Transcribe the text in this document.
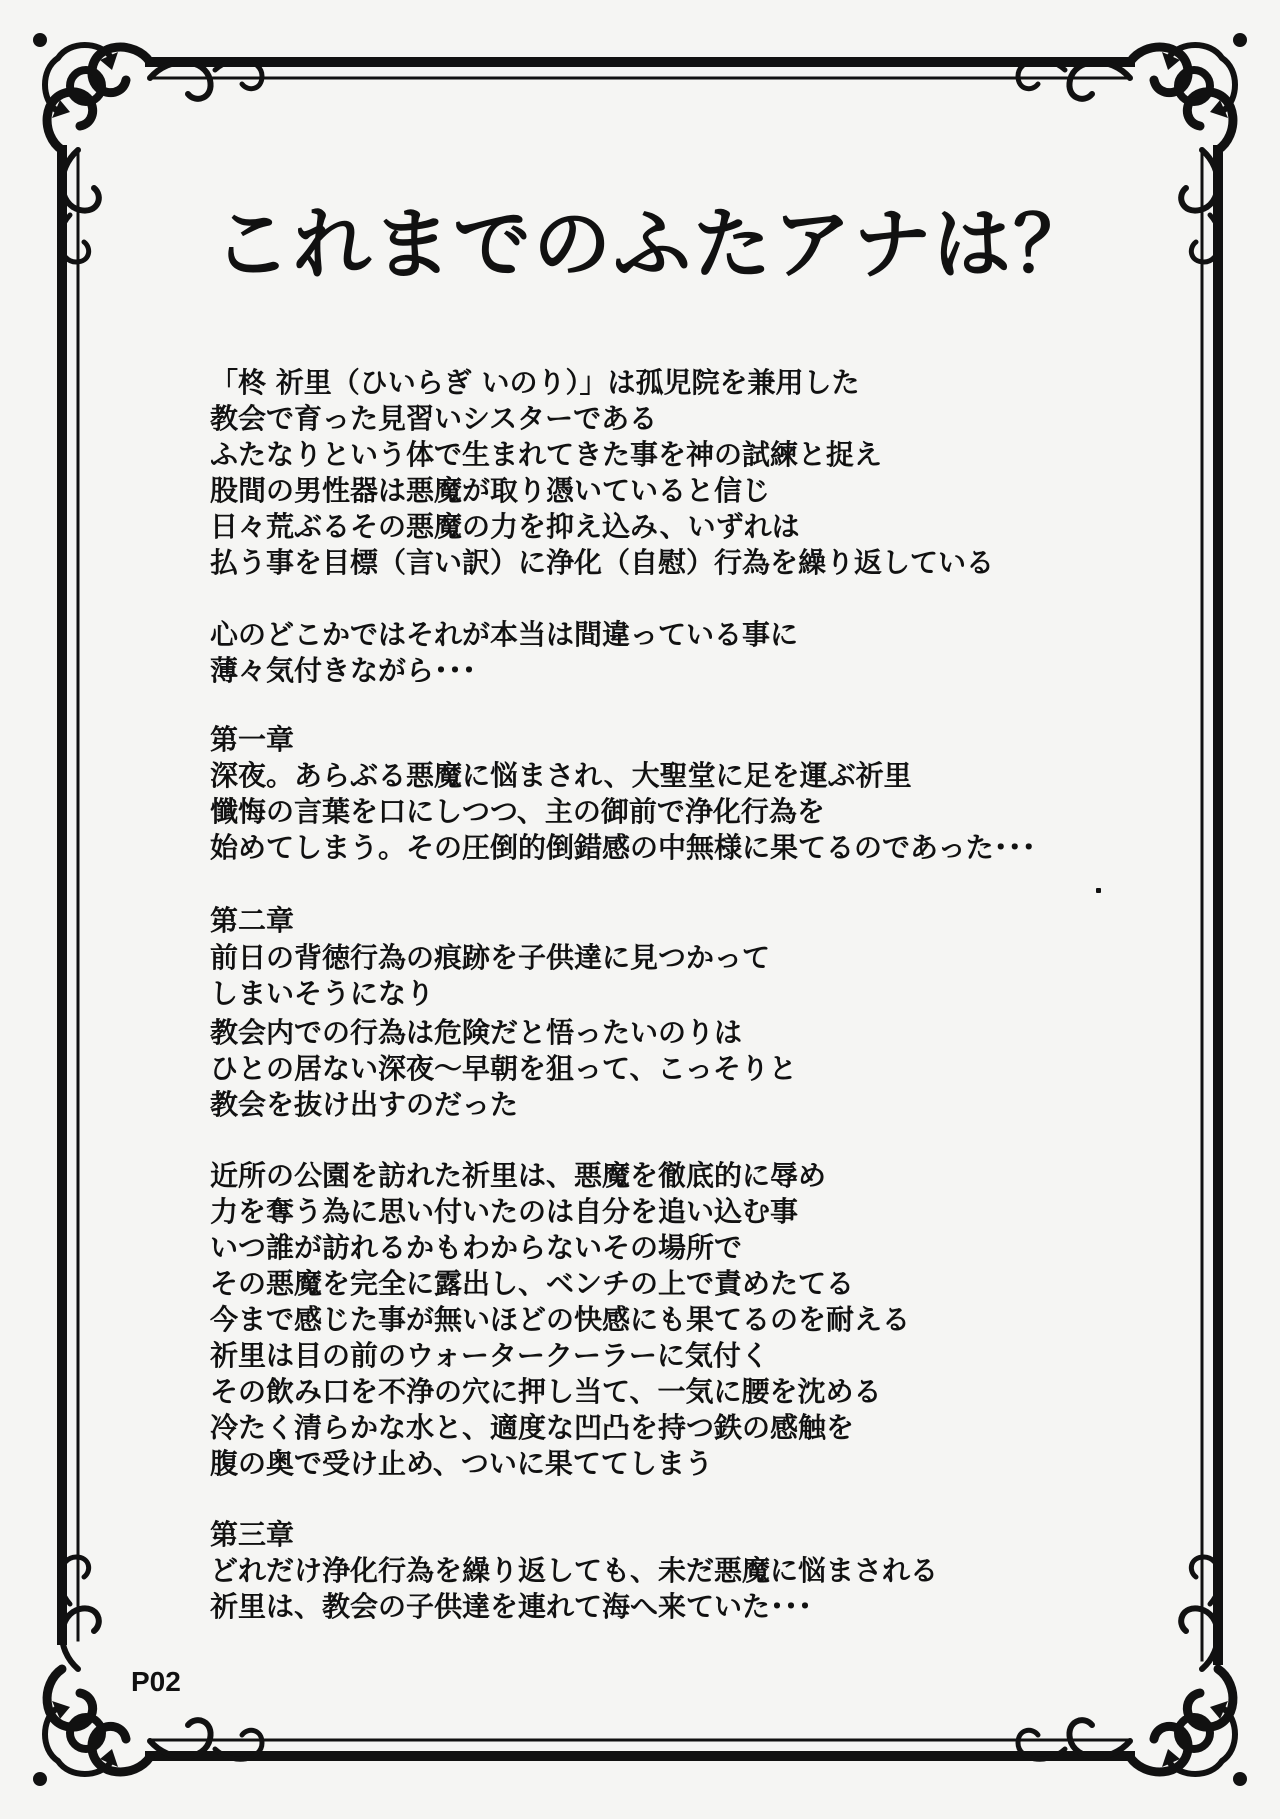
これまでのふたアナは？
「柊 祈里（ひいらぎ いのり）」は孤児院を兼用した
教会で育った見習いシスターである
ふたなりという体で生まれてきた事を神の試練と捉え
股間の男性器は悪魔が取り憑いていると信じ
日々荒ぶるその悪魔の力を抑え込み、いずれは
払う事を目標（言い訳）に浄化（自慰）行為を繰り返している
心のどこかではそれが本当は間違っている事に
薄々気付きながら･･･
第一章
深夜。あらぶる悪魔に悩まされ、大聖堂に足を運ぶ祈里
懺悔の言葉を口にしつつ、主の御前で浄化行為を
始めてしまう。その圧倒的倒錯感の中無様に果てるのであった･･･
第二章
前日の背徳行為の痕跡を子供達に見つかって
しまいそうになり
教会内での行為は危険だと悟ったいのりは
ひとの居ない深夜～早朝を狙って、こっそりと
教会を抜け出すのだった
近所の公園を訪れた祈里は、悪魔を徹底的に辱め
力を奪う為に思い付いたのは自分を追い込む事
いつ誰が訪れるかもわからないその場所で
その悪魔を完全に露出し、ベンチの上で責めたてる
今まで感じた事が無いほどの快感にも果てるのを耐える
祈里は目の前のウォータークーラーに気付く
その飲み口を不浄の穴に押し当て、一気に腰を沈める
冷たく清らかな水と、適度な凹凸を持つ鉄の感触を
腹の奥で受け止め、ついに果ててしまう
第三章
どれだけ浄化行為を繰り返しても、未だ悪魔に悩まされる
祈里は、教会の子供達を連れて海へ来ていた･･･
P02
